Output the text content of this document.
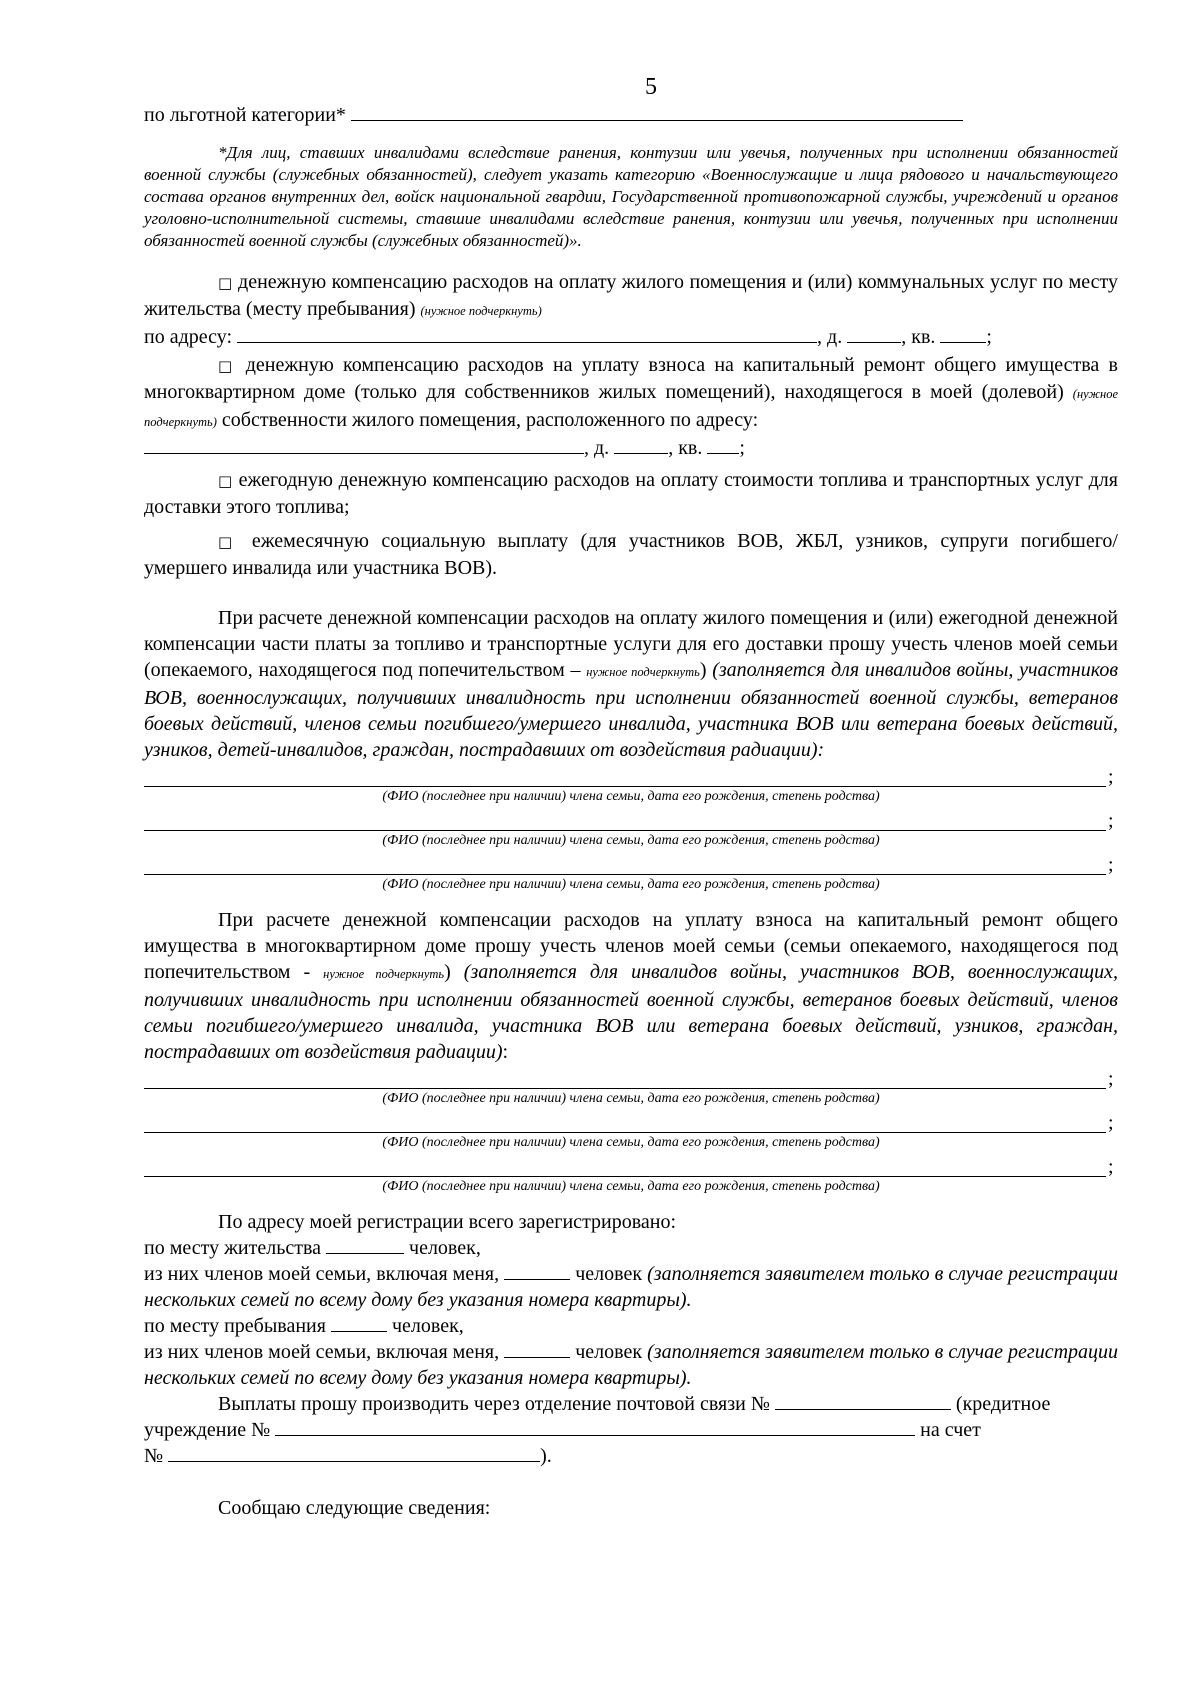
5

по льготной категории*

*Для лиц, ставших инвалидами вследствие ранения, контузии или увечья, полученных при исполнении обязанностей военной службы (служебных обязанностей), следует указать категорию «Военнослужащие и лица рядового и начальствующего состава органов внутренних дел, войск национальной гвардии, Государственной противопожарной службы, учреждений и органов уголовно-исполнительной системы, ставшие инвалидами вследствие ранения, контузии или увечья, полученных при исполнении обязанностей военной службы (служебных обязанностей)».

□ денежную компенсацию расходов на оплату жилого помещения и (или) коммунальных услуг по месту жительства (месту пребывания) (нужное подчеркнуть)

по адресу:	, д.	, кв.	;

□ денежную компенсацию расходов на уплату взноса на капитальный ремонт общего имущества в многоквартирном доме (только для собственников жилых помещений), находящегося в моей (долевой) (нужное подчеркнуть) собственности жилого помещения, расположенного по адресу:

, д.	, кв. ;

□ ежегодную денежную компенсацию расходов на оплату стоимости топлива и транспортных услуг для доставки этого топлива;

□ ежемесячную социальную выплату (для участников ВОВ, ЖБЛ, узников, супруги погибшего/умершего инвалида или участника ВОВ).

При расчете денежной компенсации расходов на оплату жилого помещения и (или) ежегодной денежной компенсации части платы за топливо и транспортные услуги для его доставки прошу учесть членов моей семьи (опекаемого, находящегося под попечительством – нужное подчеркнуть) (заполняется для инвалидов войны, участников ВОВ, военнослужащих, получивших инвалидность при исполнении обязанностей военной службы, ветеранов боевых действий, членов семьи погибшего/умершего инвалида, участника ВОВ или ветерана боевых действий, узников, детей-инвалидов, граждан, пострадавших от воздействия радиации):

;
(ФИО (последнее при наличии) члена семьи, дата его рождения, степень родства)
;
(ФИО (последнее при наличии) члена семьи, дата его рождения, степень родства)
;
(ФИО (последнее при наличии) члена семьи, дата его рождения, степень родства)

При расчете денежной компенсации расходов на уплату взноса на капитальный ремонт общего имущества в многоквартирном доме прошу учесть членов моей семьи (семьи опекаемого, находящегося под попечительством - нужное подчеркнуть) (заполняется для инвалидов войны, участников ВОВ, военнослужащих, получивших инвалидность при исполнении обязанностей военной службы, ветеранов боевых действий, членов семьи погибшего/умершего инвалида, участника ВОВ или ветерана боевых действий, узников, граждан, пострадавших от воздействия радиации):

;
(ФИО (последнее при наличии) члена семьи, дата его рождения, степень родства)
;
(ФИО (последнее при наличии) члена семьи, дата его рождения, степень родства)
;
(ФИО (последнее при наличии) члена семьи, дата его рождения, степень родства)

По адресу моей регистрации всего зарегистрировано:

по месту жительства	человек,

из них членов моей семьи, включая меня,	человек (заполняется заявителем только в случае регистрации нескольких семей по всему дому без указания номера квартиры).

по месту пребывания	человек,

из них членов моей семьи, включая меня,	человек (заполняется заявителем только в случае регистрации нескольких семей по всему дому без указания номера квартиры).

Выплаты прошу производить через отделение почтовой связи №	(кредитное

учреждение №	на счет

№	).

Сообщаю следующие сведения:
